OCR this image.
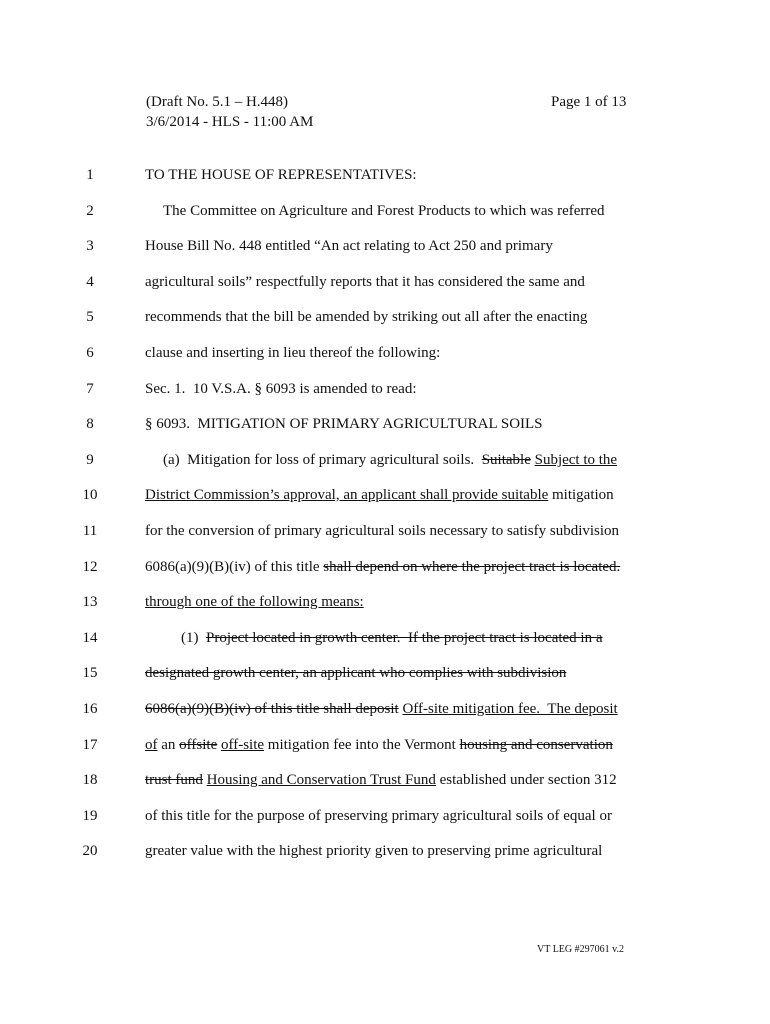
(Draft No. 5.1 – H.448)
3/6/2014 - HLS - 11:00 AM
Page 1 of 13
1	TO THE HOUSE OF REPRESENTATIVES:
2	The Committee on Agriculture and Forest Products to which was referred
3	House Bill No. 448 entitled “An act relating to Act 250 and primary
4	agricultural soils” respectfully reports that it has considered the same and
5	recommends that the bill be amended by striking out all after the enacting
6	clause and inserting in lieu thereof the following:
7	Sec. 1.  10 V.S.A. § 6093 is amended to read:
8	§ 6093.  MITIGATION OF PRIMARY AGRICULTURAL SOILS
9	(a)  Mitigation for loss of primary agricultural soils.  Suitable Subject to the
10	District Commission’s approval, an applicant shall provide suitable mitigation
11	for the conversion of primary agricultural soils necessary to satisfy subdivision
12	6086(a)(9)(B)(iv) of this title shall depend on where the project tract is located.
13	through one of the following means:
14	(1)  Project located in growth center.  If the project tract is located in a
15	designated growth center, an applicant who complies with subdivision
16	6086(a)(9)(B)(iv) of this title shall deposit Off-site mitigation fee.  The deposit
17	of an offsite off-site mitigation fee into the Vermont housing and conservation
18	trust fund Housing and Conservation Trust Fund established under section 312
19	of this title for the purpose of preserving primary agricultural soils of equal or
20	greater value with the highest priority given to preserving prime agricultural
VT LEG #297061 v.2
